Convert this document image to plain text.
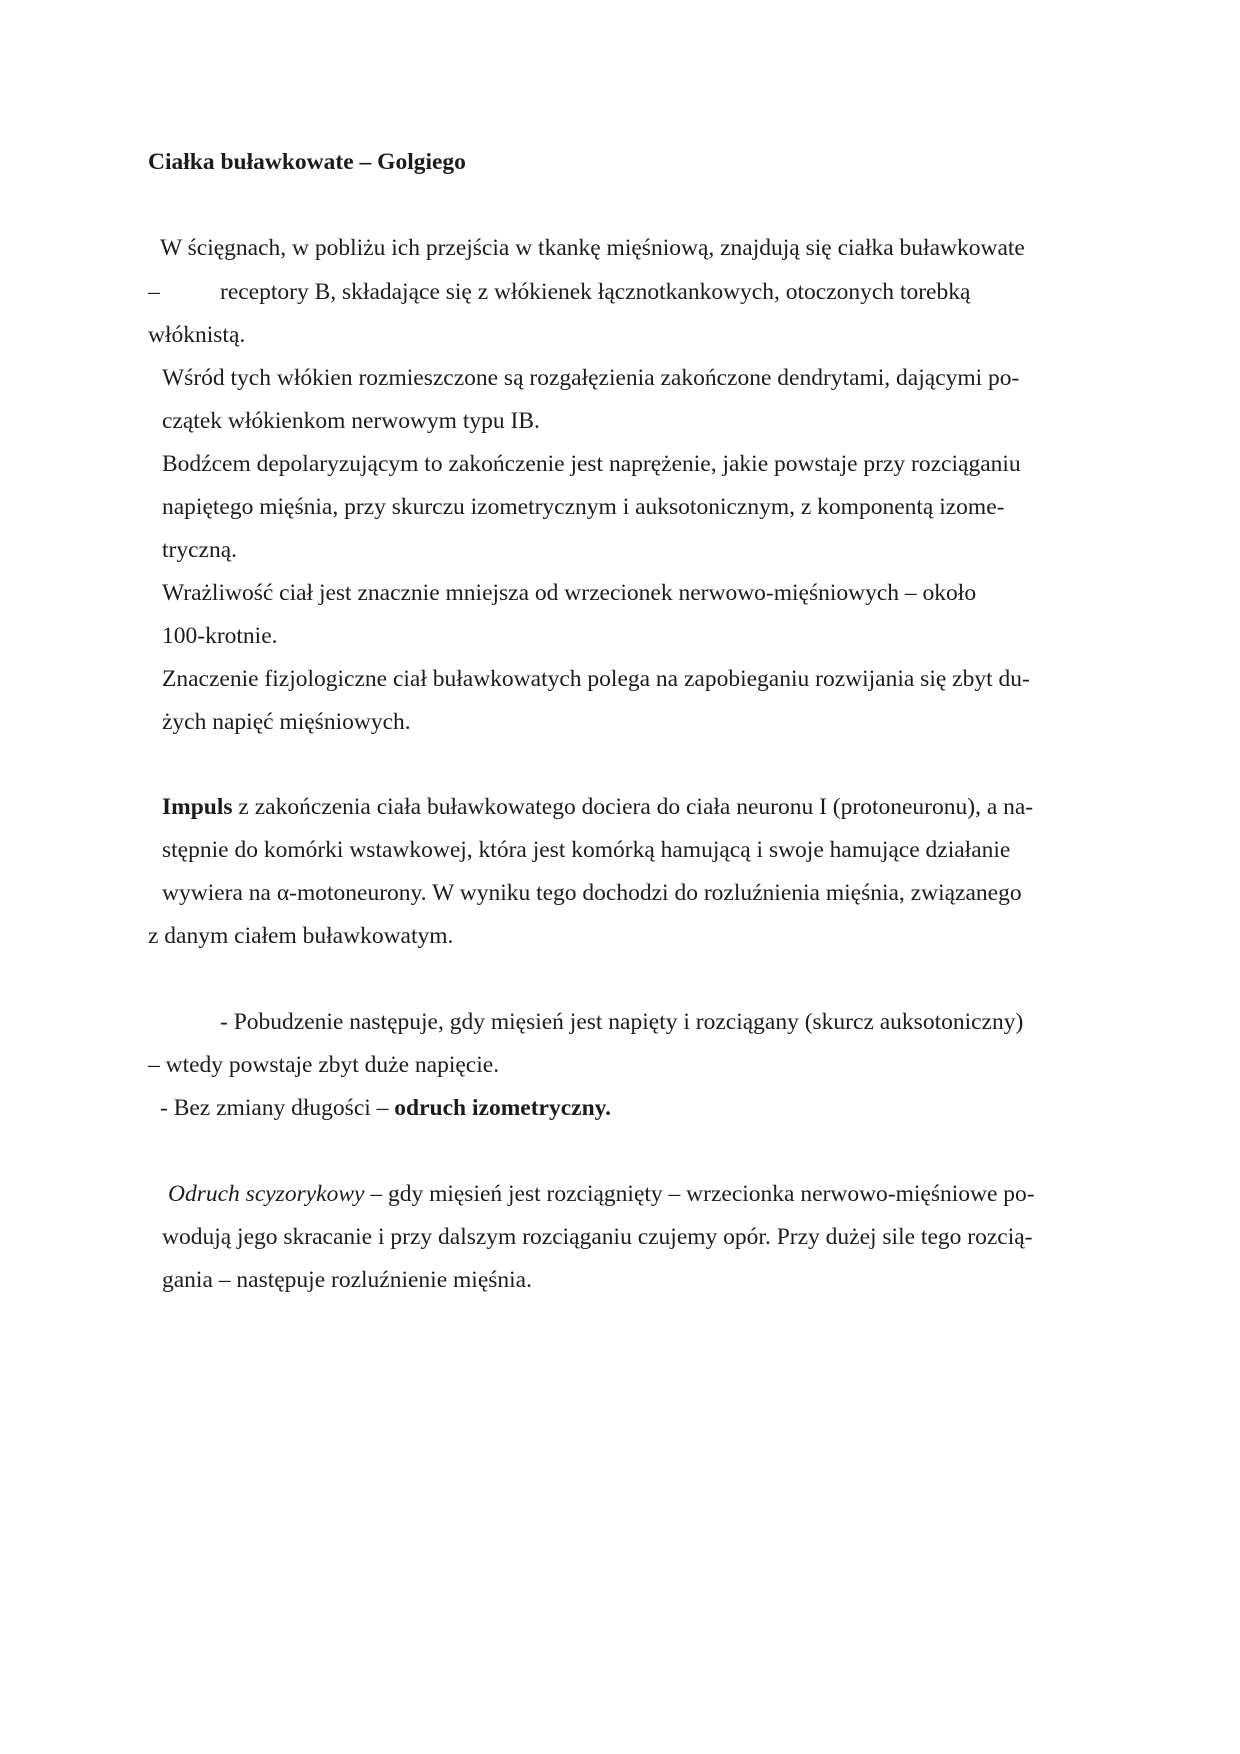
Ciałka buławkowate – Golgiego

W ścięgnach, w pobliżu ich przejścia w tkankę mięśniową, znajdują się ciałka buławkowate

–	receptory B, składające się z włókienek łącznotkankowych, otoczonych torebką

włóknistą.

Wśród tych włókien rozmieszczone są rozgałęzienia zakończone dendrytami, dającymi po-

czątek włókienkom nerwowym typu IB.

Bodźcem depolaryzującym to zakończenie jest naprężenie, jakie powstaje przy rozciąganiu

napiętego mięśnia, przy skurczu izometrycznym i auksotonicznym, z komponentą izome-

tryczną.

Wrażliwość ciał jest znacznie mniejsza od wrzecionek nerwowo-mięśniowych – około

100-krotnie.

Znaczenie fizjologiczne ciał buławkowatych polega na zapobieganiu rozwijania się zbyt du-

żych napięć mięśniowych.

Impuls z zakończenia ciała buławkowatego dociera do ciała neuronu I (protoneuronu), a na-

stępnie do komórki wstawkowej, która jest komórką hamującą i swoje hamujące działanie

wywiera na α-motoneurony. W wyniku tego dochodzi do rozluźnienia mięśnia, związanego

z danym ciałem buławkowatym.

- Pobudzenie następuje, gdy mięsień jest napięty i rozciągany (skurcz auksotoniczny)

– wtedy powstaje zbyt duże napięcie.

- Bez zmiany długości – odruch izometryczny.

Odruch scyzorykowy – gdy mięsień jest rozciągnięty – wrzecionka nerwowo-mięśniowe po-

wodują jego skracanie i przy dalszym rozciąganiu czujemy opór. Przy dużej sile tego rozcią-

gania – następuje rozluźnienie mięśnia.
